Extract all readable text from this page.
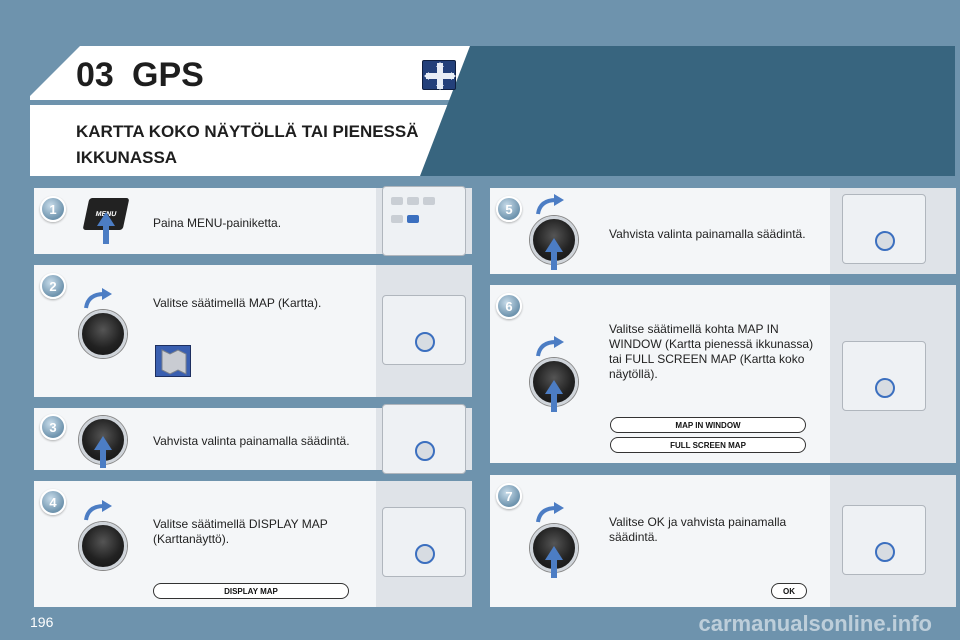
03 GPS
KARTTA KOKO NÄYTÖLLÄ TAI PIENESSÄ IKKUNASSA
1	MENU
Paina MENU-painiketta.
2
Valitse säätimellä MAP (Kartta).
3
Vahvista valinta painamalla säädintä.
4
Valitse säätimellä DISPLAY MAP (Karttanäyttö).
DISPLAY MAP
5
Vahvista valinta painamalla säädintä.
6
Valitse säätimellä kohta MAP IN WINDOW (Kartta pienessä ikkunassa) tai FULL SCREEN MAP (Kartta koko näytöllä).
MAP IN WINDOW
FULL SCREEN MAP
7
Valitse OK ja vahvista painamalla säädintä.
OK
196	carmanualsonline.info
